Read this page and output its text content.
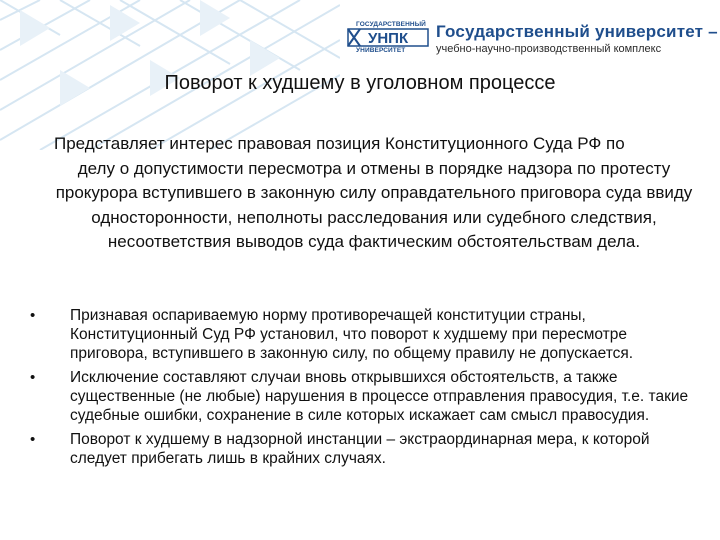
УНПК
ГОСУДАРСТВЕННЫЙ
УНИВЕРСИТЕТ
Государственный университет –
учебно-научно-производственный комплекс
Поворот к худшему в уголовном процессе
Представляет интерес правовая позиция Конституционного Суда РФ по
делу о допустимости пересмотра и отмены в порядке надзора по протесту прокурора вступившего в законную силу оправдательного приговора суда ввиду односторонности, неполноты расследования или судебного следствия, несоответствия выводов суда фактическим обстоятельствам дела.
• Признавая оспариваемую норму противоречащей конституции страны, Конституционный Суд РФ установил, что поворот к худшему при пересмотре приговора, вступившего в законную силу, по общему правилу не допускается.
• Исключение составляют случаи вновь открывшихся обстоятельств, а также существенные (не любые) нарушения в процессе отправления правосудия, т.е. такие судебные ошибки, сохранение в силе которых искажает сам смысл правосудия.
• Поворот к худшему в надзорной инстанции – экстраординарная мера, к которой следует прибегать лишь в крайних случаях.
